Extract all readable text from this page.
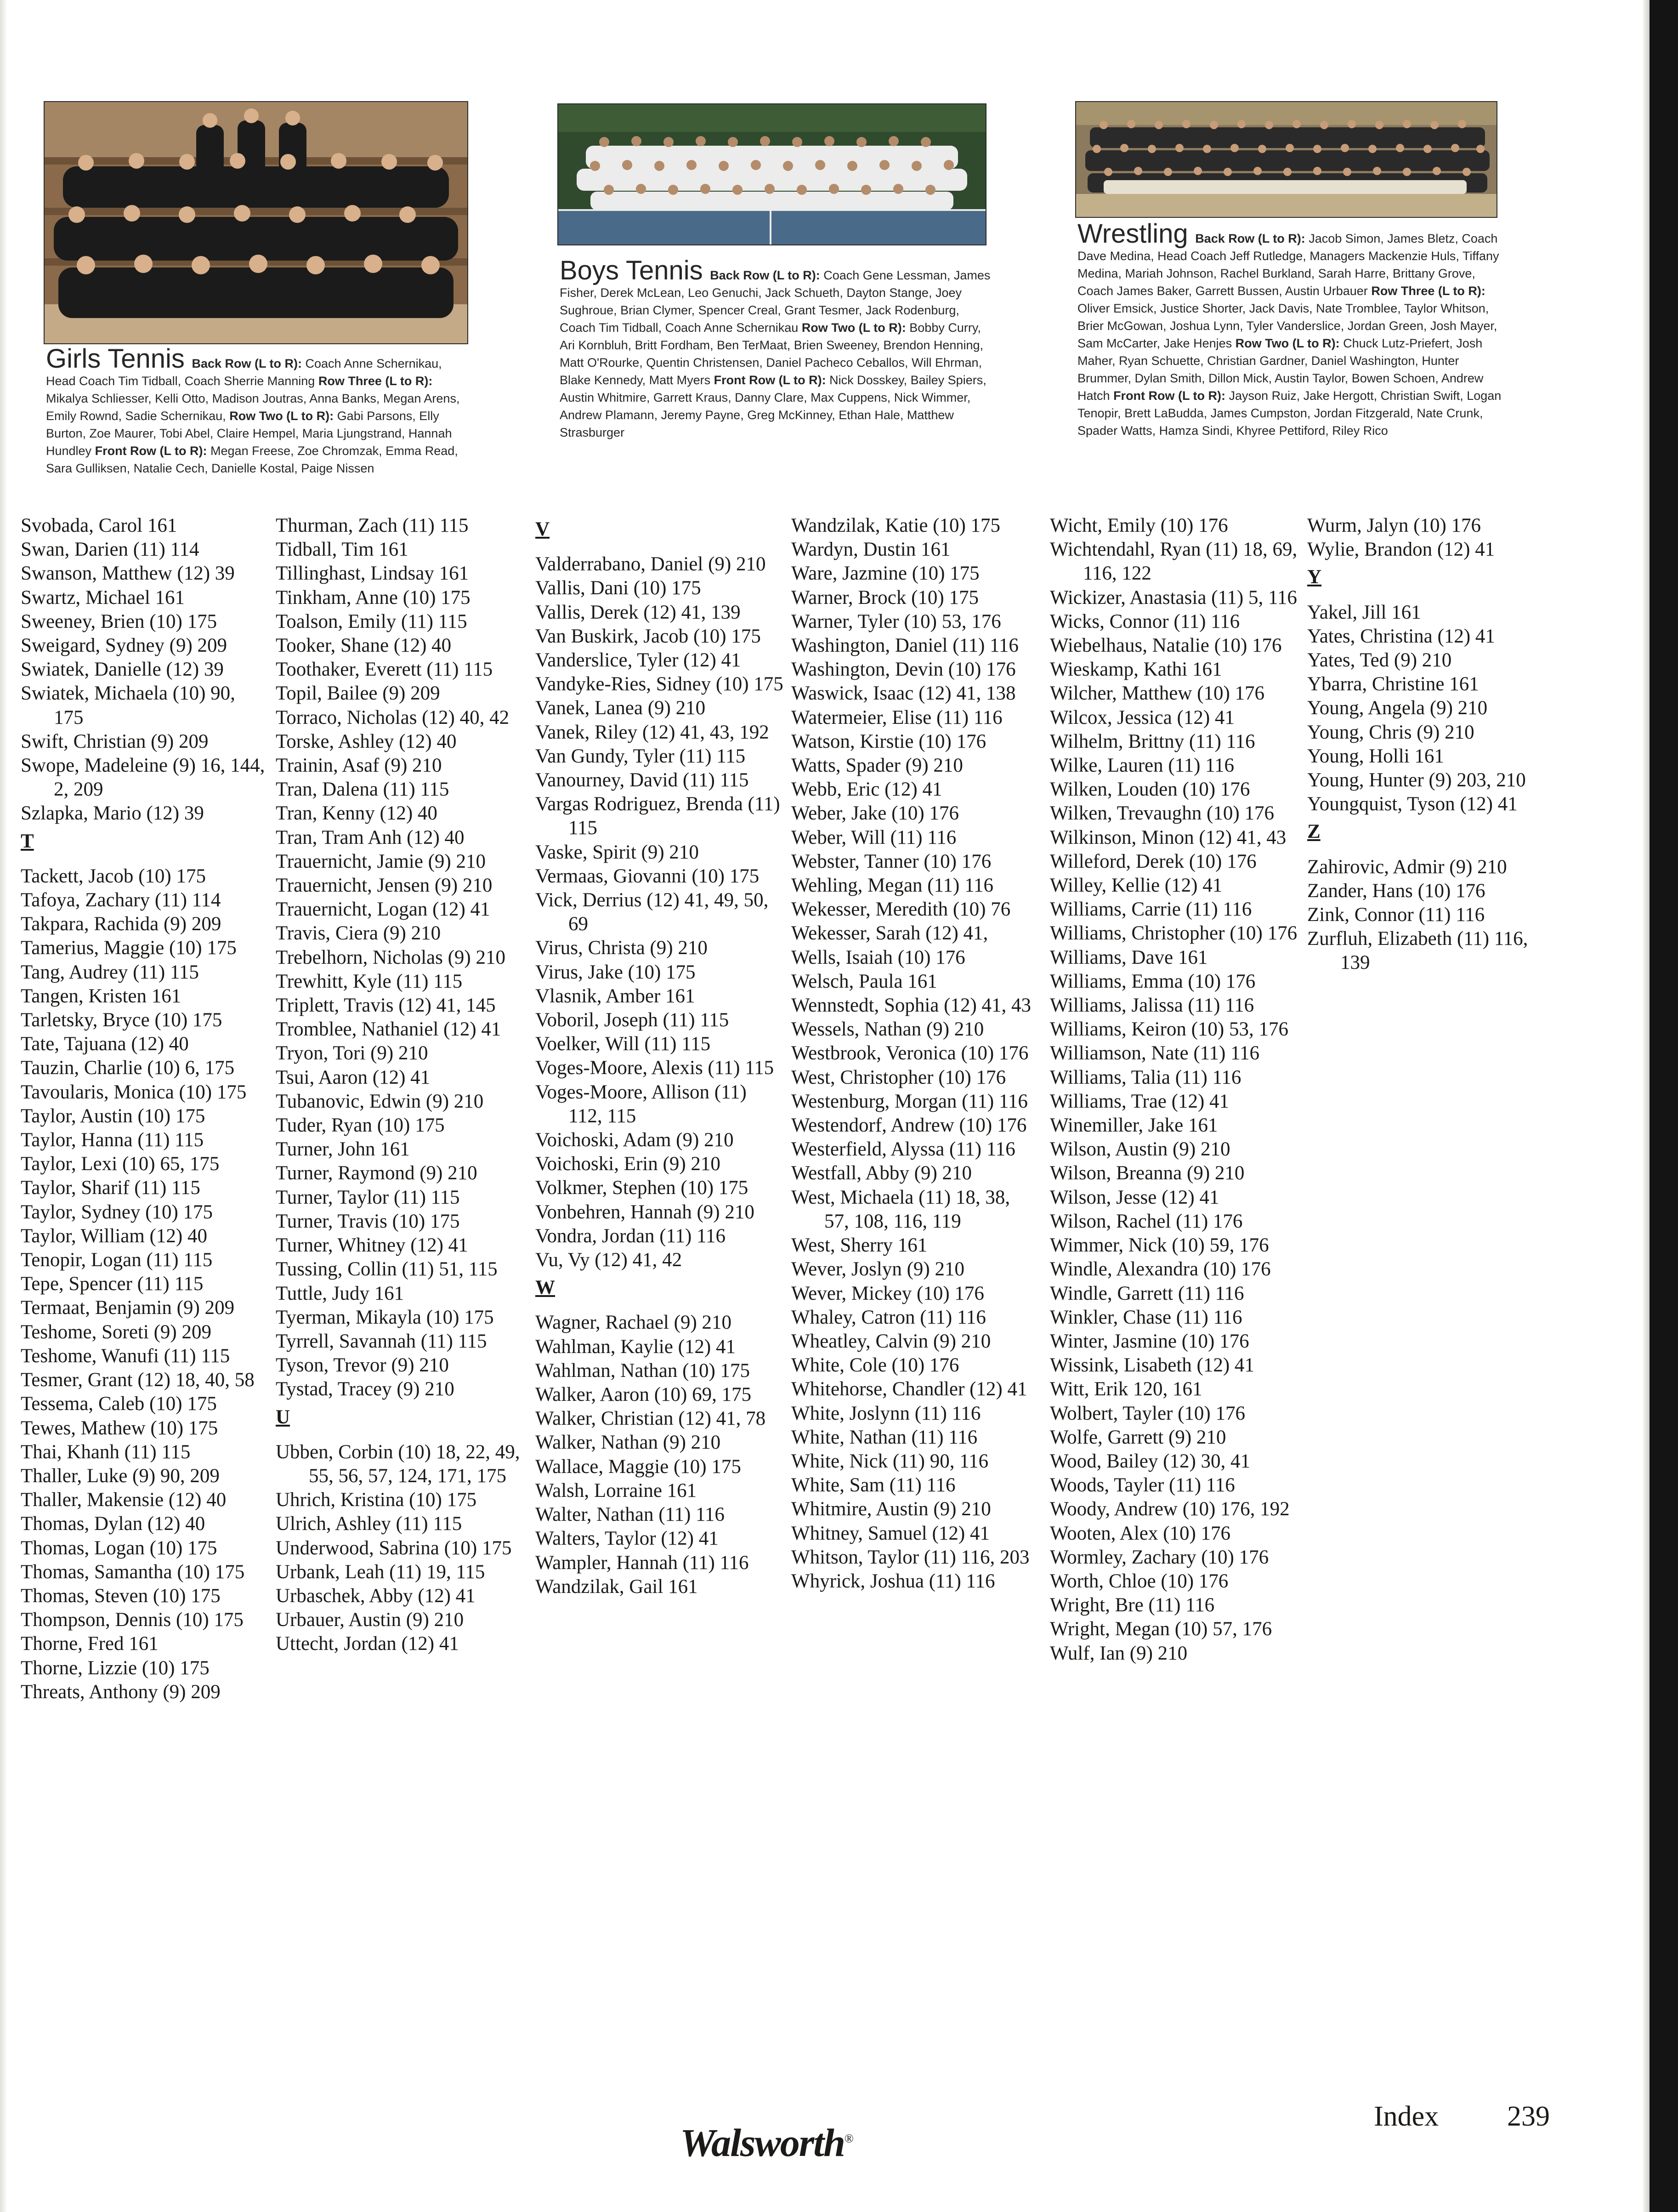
Girls Tennis Back Row (L to R): Coach Anne Schernikau, Head Coach Tim Tidball, Coach Sherrie Manning Row Three (L to R): Mikalya Schliesser, Kelli Otto, Madison Joutras, Anna Banks, Megan Arens, Emily Rownd, Sadie Schernikau, Row Two (L to R): Gabi Parsons, Elly Burton, Zoe Maurer, Tobi Abel, Claire Hempel, Maria Ljungstrand, Hannah Hundley Front Row (L to R): Megan Freese, Zoe Chromzak, Emma Read, Sara Gulliksen, Natalie Cech, Danielle Kostal, Paige Nissen
Boys Tennis Back Row (L to R): Coach Gene Lessman, James Fisher, Derek McLean, Leo Genuchi, Jack Schueth, Dayton Stange, Joey Sughroue, Brian Clymer, Spencer Creal, Grant Tesmer, Jack Rodenburg, Coach Tim Tidball, Coach Anne Schernikau Row Two (L to R): Bobby Curry, Ari Kornbluh, Britt Fordham, Ben TerMaat, Brien Sweeney, Brendon Henning, Matt O'Rourke, Quentin Christensen, Daniel Pacheco Ceballos, Will Ehrman, Blake Kennedy, Matt Myers Front Row (L to R): Nick Dosskey, Bailey Spiers, Austin Whitmire, Garrett Kraus, Danny Clare, Max Cuppens, Nick Wimmer, Andrew Plamann, Jeremy Payne, Greg McKinney, Ethan Hale, Matthew Strasburger
Wrestling Back Row (L to R): Jacob Simon, James Bletz, Coach Dave Medina, Head Coach Jeff Rutledge, Managers Mackenzie Huls, Tiffany Medina, Mariah Johnson, Rachel Burkland, Sarah Harre, Brittany Grove, Coach James Baker, Garrett Bussen, Austin Urbauer Row Three (L to R): Oliver Emsick, Justice Shorter, Jack Davis, Nate Tromblee, Taylor Whitson, Brier McGowan, Joshua Lynn, Tyler Vanderslice, Jordan Green, Josh Mayer, Sam McCarter, Jake Henjes Row Two (L to R): Chuck Lutz-Priefert, Josh Maher, Ryan Schuette, Christian Gardner, Daniel Washington, Hunter Brummer, Dylan Smith, Dillon Mick, Austin Taylor, Bowen Schoen, Andrew Hatch Front Row (L to R): Jayson Ruiz, Jake Hergott, Christian Swift, Logan Tenopir, Brett LaBudda, James Cumpston, Jordan Fitzgerald, Nate Crunk, Spader Watts, Hamza Sindi, Khyree Pettiford, Riley Rico
Svobada, Carol 161
Swan, Darien (11) 114
Swanson, Matthew (12) 39
Swartz, Michael 161
Sweeney, Brien (10) 175
Sweigard, Sydney (9) 209
Swiatek, Danielle (12) 39
Swiatek, Michaela (10) 90, 175
Swift, Christian (9) 209
Swope, Madeleine (9) 16, 144, 2, 209
Szlapka, Mario (12) 39
T
Tackett, Jacob (10) 175
Tafoya, Zachary (11) 114
Takpara, Rachida (9) 209
Tamerius, Maggie (10) 175
Tang, Audrey (11) 115
Tangen, Kristen 161
Tarletsky, Bryce (10) 175
Tate, Tajuana (12) 40
Tauzin, Charlie (10) 6, 175
Tavoularis, Monica (10) 175
Taylor, Austin (10) 175
Taylor, Hanna (11) 115
Taylor, Lexi (10) 65, 175
Taylor, Sharif (11) 115
Taylor, Sydney (10) 175
Taylor, William (12) 40
Tenopir, Logan (11) 115
Tepe, Spencer (11) 115
Termaat, Benjamin (9) 209
Teshome, Soreti (9) 209
Teshome, Wanufi (11) 115
Tesmer, Grant (12) 18, 40, 58
Tessema, Caleb (10) 175
Tewes, Mathew (10) 175
Thai, Khanh (11) 115
Thaller, Luke (9) 90, 209
Thaller, Makensie (12) 40
Thomas, Dylan (12) 40
Thomas, Logan (10) 175
Thomas, Samantha (10) 175
Thomas, Steven (10) 175
Thompson, Dennis (10) 175
Thorne, Fred 161
Thorne, Lizzie (10) 175
Threats, Anthony (9) 209
Thurman, Zach (11) 115
Tidball, Tim 161
Tillinghast, Lindsay 161
Tinkham, Anne (10) 175
Toalson, Emily (11) 115
Tooker, Shane (12) 40
Toothaker, Everett (11) 115
Topil, Bailee (9) 209
Torraco, Nicholas (12) 40, 42
Torske, Ashley (12) 40
Trainin, Asaf (9) 210
Tran, Dalena (11) 115
Tran, Kenny (12) 40
Tran, Tram Anh (12) 40
Trauernicht, Jamie (9) 210
Trauernicht, Jensen (9) 210
Trauernicht, Logan (12) 41
Travis, Ciera (9) 210
Trebelhorn, Nicholas (9) 210
Trewhitt, Kyle (11) 115
Triplett, Travis (12) 41, 145
Tromblee, Nathaniel (12) 41
Tryon, Tori (9) 210
Tsui, Aaron (12) 41
Tubanovic, Edwin (9) 210
Tuder, Ryan (10) 175
Turner, John 161
Turner, Raymond (9) 210
Turner, Taylor (11) 115
Turner, Travis (10) 175
Turner, Whitney (12) 41
Tussing, Collin (11) 51, 115
Tuttle, Judy 161
Tyerman, Mikayla (10) 175
Tyrrell, Savannah (11) 115
Tyson, Trevor (9) 210
Tystad, Tracey (9) 210
U
Ubben, Corbin (10) 18, 22, 49, 55, 56, 57, 124, 171, 175
Uhrich, Kristina (10) 175
Ulrich, Ashley (11) 115
Underwood, Sabrina (10) 175
Urbank, Leah (11) 19, 115
Urbaschek, Abby (12) 41
Urbauer, Austin (9) 210
Uttecht, Jordan (12) 41
V
Valderrabano, Daniel (9) 210
Vallis, Dani (10) 175
Vallis, Derek (12) 41, 139
Van Buskirk, Jacob (10) 175
Vanderslice, Tyler (12) 41
Vandyke-Ries, Sidney (10) 175
Vanek, Lanea (9) 210
Vanek, Riley (12) 41, 43, 192
Van Gundy, Tyler (11) 115
Vanourney, David (11) 115
Vargas Rodriguez, Brenda (11) 115
Vaske, Spirit (9) 210
Vermaas, Giovanni (10) 175
Vick, Derrius (12) 41, 49, 50, 69
Virus, Christa (9) 210
Virus, Jake (10) 175
Vlasnik, Amber 161
Voboril, Joseph (11) 115
Voelker, Will (11) 115
Voges-Moore, Alexis (11) 115
Voges-Moore, Allison (11) 112, 115
Voichoski, Adam (9) 210
Voichoski, Erin (9) 210
Volkmer, Stephen (10) 175
Vonbehren, Hannah (9) 210
Vondra, Jordan (11) 116
Vu, Vy (12) 41, 42
W
Wagner, Rachael (9) 210
Wahlman, Kaylie (12) 41
Wahlman, Nathan (10) 175
Walker, Aaron (10) 69, 175
Walker, Christian (12) 41, 78
Walker, Nathan (9) 210
Wallace, Maggie (10) 175
Walsh, Lorraine 161
Walter, Nathan (11) 116
Walters, Taylor (12) 41
Wampler, Hannah (11) 116
Wandzilak, Gail 161
Wandzilak, Katie (10) 175
Wardyn, Dustin 161
Ware, Jazmine (10) 175
Warner, Brock (10) 175
Warner, Tyler (10) 53, 176
Washington, Daniel (11) 116
Washington, Devin (10) 176
Waswick, Isaac (12) 41, 138
Watermeier, Elise (11) 116
Watson, Kirstie (10) 176
Watts, Spader (9) 210
Webb, Eric (12) 41
Weber, Jake (10) 176
Weber, Will (11) 116
Webster, Tanner (10) 176
Wehling, Megan (11) 116
Wekesser, Meredith (10) 76
Wekesser, Sarah (12) 41,
Wells, Isaiah (10) 176
Welsch, Paula 161
Wennstedt, Sophia (12) 41, 43
Wessels, Nathan (9) 210
Westbrook, Veronica (10) 176
West, Christopher (10) 176
Westenburg, Morgan (11) 116
Westendorf, Andrew (10) 176
Westerfield, Alyssa (11) 116
Westfall, Abby (9) 210
West, Michaela (11) 18, 38, 57, 108, 116, 119
West, Sherry 161
Wever, Joslyn (9) 210
Wever, Mickey (10) 176
Whaley, Catron (11) 116
Wheatley, Calvin (9) 210
White, Cole (10) 176
Whitehorse, Chandler (12) 41
White, Joslynn (11) 116
White, Nathan (11) 116
White, Nick (11) 90, 116
White, Sam (11) 116
Whitmire, Austin (9) 210
Whitney, Samuel (12) 41
Whitson, Taylor (11) 116, 203
Whyrick, Joshua (11) 116
Wicht, Emily (10) 176
Wichtendahl, Ryan (11) 18, 69, 116, 122
Wickizer, Anastasia (11) 5, 116
Wicks, Connor (11) 116
Wiebelhaus, Natalie (10) 176
Wieskamp, Kathi 161
Wilcher, Matthew (10) 176
Wilcox, Jessica (12) 41
Wilhelm, Brittny (11) 116
Wilke, Lauren (11) 116
Wilken, Louden (10) 176
Wilken, Trevaughn (10) 176
Wilkinson, Minon (12) 41, 43
Willeford, Derek (10) 176
Willey, Kellie (12) 41
Williams, Carrie (11) 116
Williams, Christopher (10) 176
Williams, Dave 161
Williams, Emma (10) 176
Williams, Jalissa (11) 116
Williams, Keiron (10) 53, 176
Williamson, Nate (11) 116
Williams, Talia (11) 116
Williams, Trae (12) 41
Winemiller, Jake 161
Wilson, Austin (9) 210
Wilson, Breanna (9) 210
Wilson, Jesse (12) 41
Wilson, Rachel (11) 176
Wimmer, Nick (10) 59, 176
Windle, Alexandra (10) 176
Windle, Garrett (11) 116
Winkler, Chase (11) 116
Winter, Jasmine (10) 176
Wissink, Lisabeth (12) 41
Witt, Erik 120, 161
Wolbert, Tayler (10) 176
Wolfe, Garrett (9) 210
Wood, Bailey (12) 30, 41
Woods, Tayler (11) 116
Woody, Andrew (10) 176, 192
Wooten, Alex (10) 176
Wormley, Zachary (10) 176
Worth, Chloe (10) 176
Wright, Bre (11) 116
Wright, Megan (10) 57, 176
Wulf, Ian (9) 210
Wurm, Jalyn (10) 176
Wylie, Brandon (12) 41
Y
Yakel, Jill 161
Yates, Christina (12) 41
Yates, Ted (9) 210
Ybarra, Christine 161
Young, Angela (9) 210
Young, Chris (9) 210
Young, Holli 161
Young, Hunter (9) 203, 210
Youngquist, Tyson (12) 41
Z
Zahirovic, Admir (9) 210
Zander, Hans (10) 176
Zink, Connor (11) 116
Zurfluh, Elizabeth (11) 116, 139
Index 239
Walsworth®
